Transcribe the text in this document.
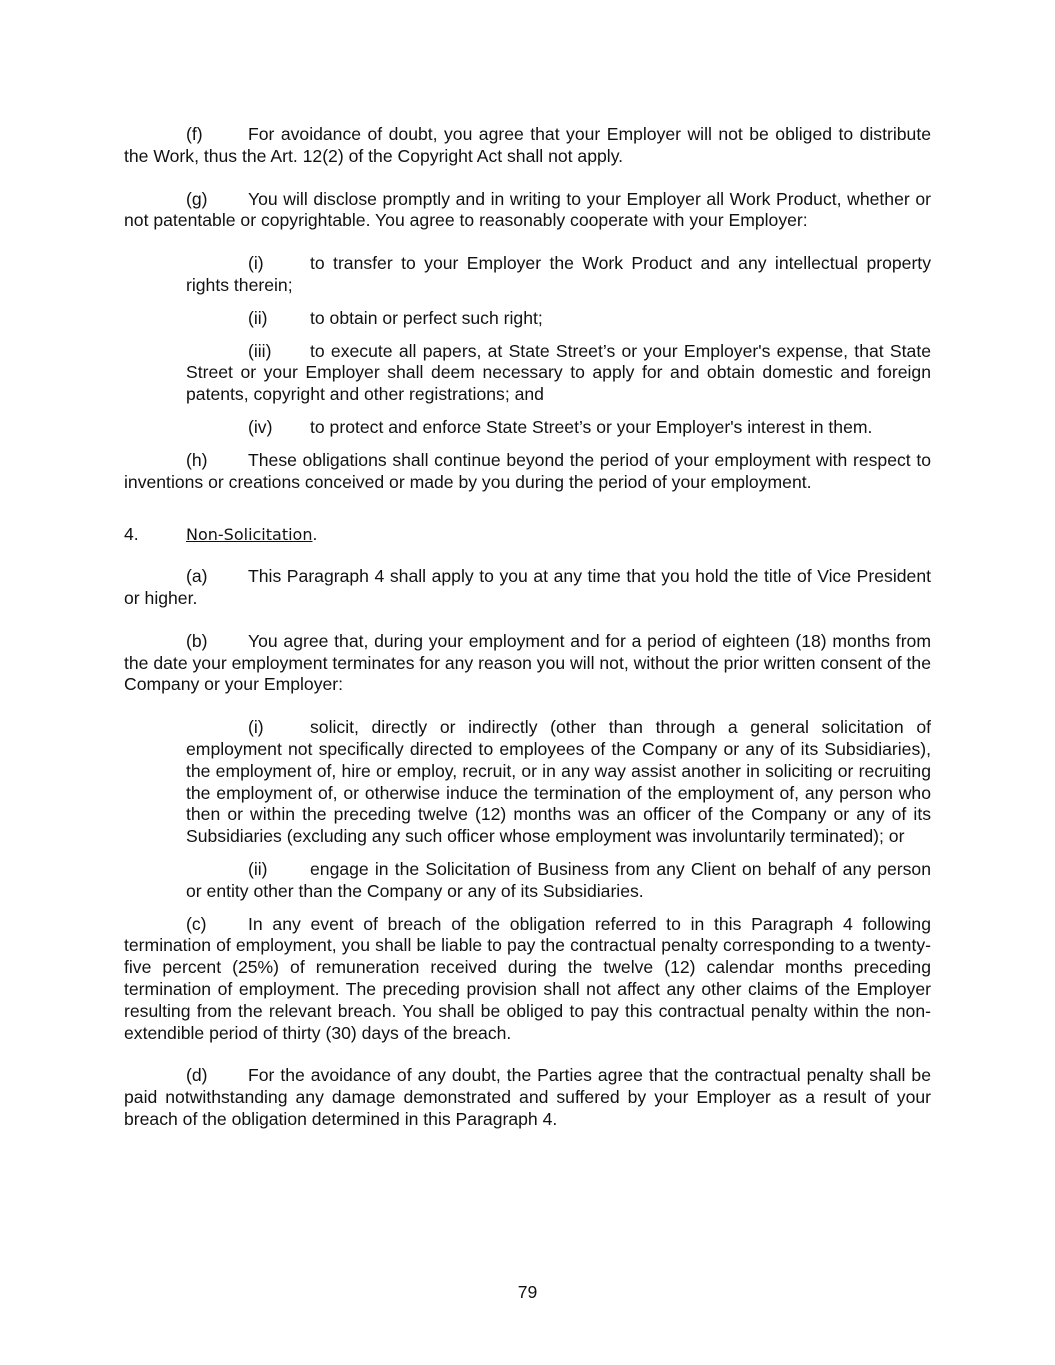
(f)	For avoidance of doubt, you agree that your Employer will not be obliged to distribute the Work, thus the Art. 12(2) of the Copyright Act shall not apply.

(g) You will disclose promptly and in writing to your Employer all Work Product, whether or not patentable or copyrightable. You agree to reasonably cooperate with your Employer:

(i)	to transfer to your Employer the Work Product and any intellectual property rights therein;

(ii) to obtain or perfect such right;

(iii) to execute all papers, at State Street’s or your Employer's expense, that State Street or your Employer shall deem necessary to apply for and obtain domestic and foreign patents, copyright and other registrations; and

(iv) to protect and enforce State Street’s or your Employer's interest in them.

(h) These obligations shall continue beyond the period of your employment with respect to inventions or creations conceived or made by you during the period of your employment.

4.	Non-Solicitation.

(a) This Paragraph 4 shall apply to you at any time that you hold the title of Vice President or higher.

(b) You agree that, during your employment and for a period of eighteen (18) months from the date your employment terminates for any reason you will not, without the prior written consent of the Company or your Employer:

(i)	solicit, directly or indirectly (other than through a general solicitation of employment not specifically directed to employees of the Company or any of its Subsidiaries), the employment of, hire or employ, recruit, or in any way assist another in soliciting or recruiting the employment of, or otherwise induce the termination of the employment of, any person who then or within the preceding twelve (12) months was an officer of the Company or any of its Subsidiaries (excluding any such officer whose employment was involuntarily terminated); or

(ii) engage in the Solicitation of Business from any Client on behalf of any person or entity other than the Company or any of its Subsidiaries.

(c) In any event of breach of the obligation referred to in this Paragraph 4 following termination of employment, you shall be liable to pay the contractual penalty corresponding to a twenty-five percent (25%) of remuneration received during the twelve (12) calendar months preceding termination of employment. The preceding provision shall not affect any other claims of the Employer resulting from the relevant breach. You shall be obliged to pay this contractual penalty within the non-extendible period of thirty (30) days of the breach.

(d) For the avoidance of any doubt, the Parties agree that the contractual penalty shall be paid notwithstanding any damage demonstrated and suffered by your Employer as a result of your breach of the obligation determined in this Paragraph 4.

79
